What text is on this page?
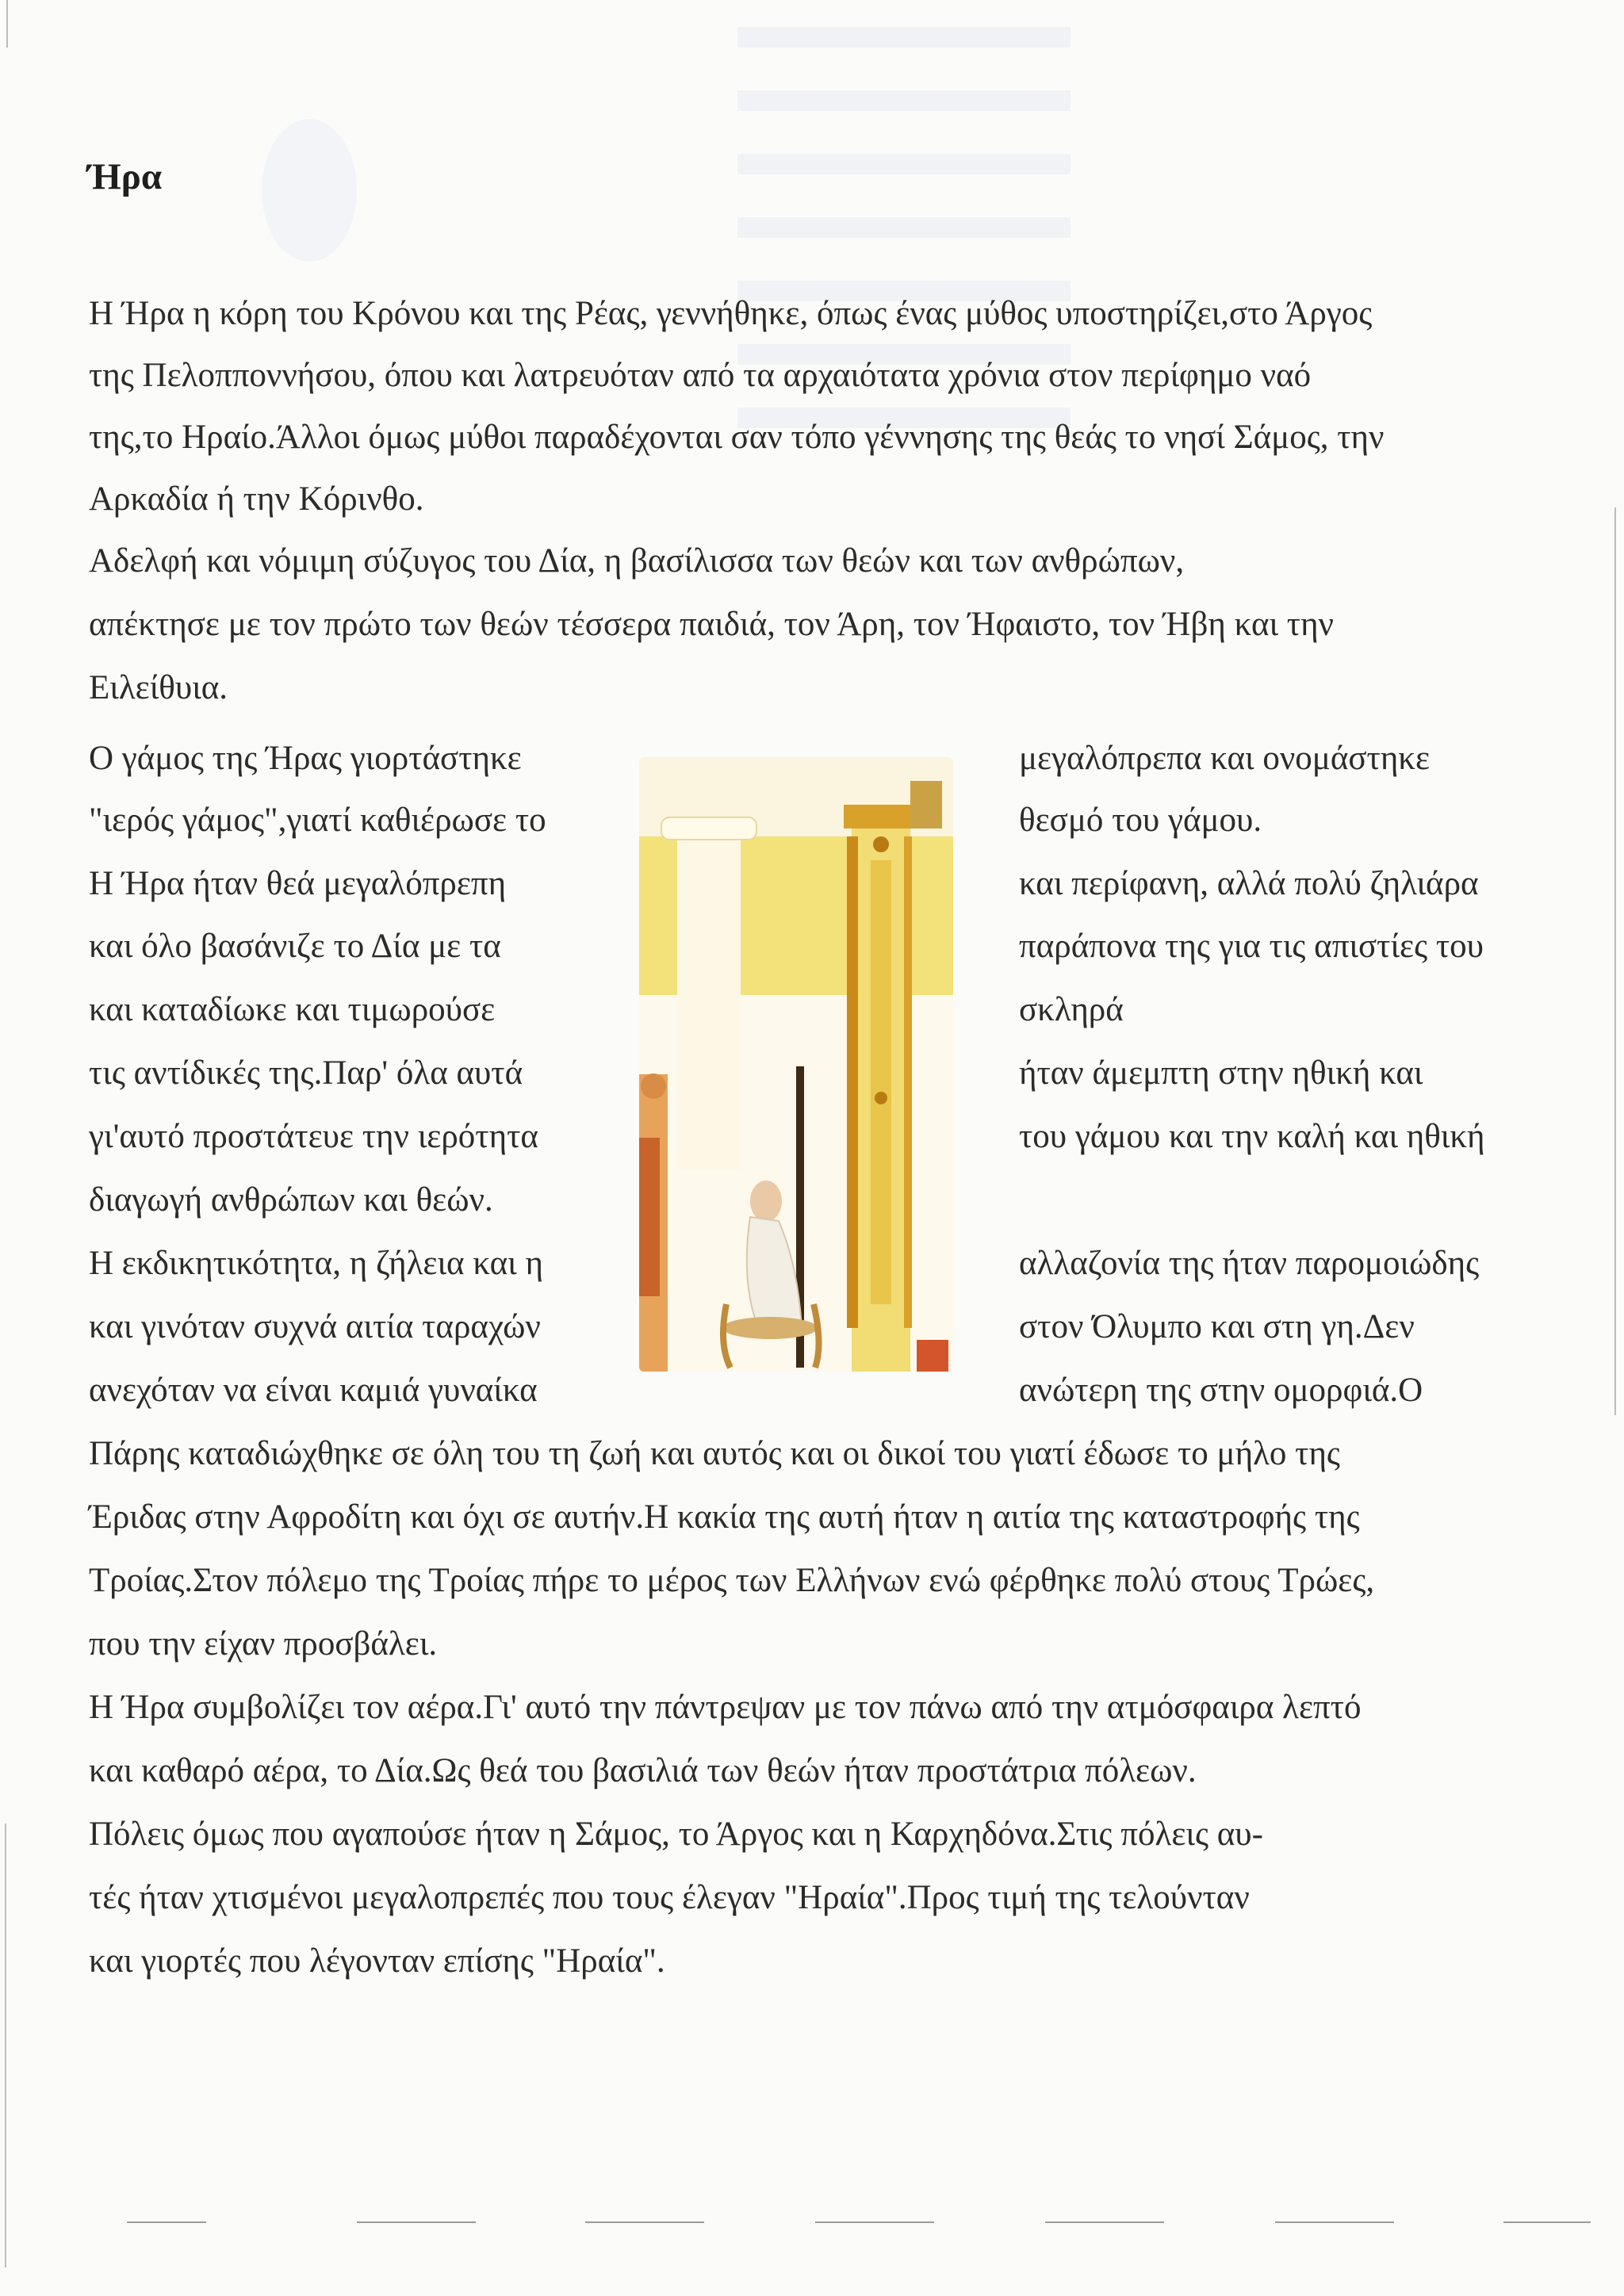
Ήρα
Η Ήρα η κόρη του Κρόνου και της Ρέας, γεννήθηκε, όπως ένας μύθος υποστηρίζει,στο Άργος
της Πελοπποννήσου, όπου και λατρευόταν από τα αρχαιότατα χρόνια στον περίφημο ναό
της,το Ηραίο.Άλλοι όμως μύθοι παραδέχονται σαν τόπο γέννησης της θεάς το νησί Σάμος, την
Αρκαδία ή την Κόρινθο.
Αδελφή και νόμιμη σύζυγος του Δία, η βασίλισσα των θεών και των ανθρώπων,
απέκτησε με τον πρώτο των θεών τέσσερα παιδιά, τον Άρη, τον Ήφαιστο, τον Ήβη και την
Ειλείθυια.
Ο γάμος της Ήρας γιορτάστηκε
"ιερός γάμος",γιατί καθιέρωσε το
Η Ήρα ήταν θεά μεγαλόπρεπη
και όλο βασάνιζε το Δία με τα
και καταδίωκε και τιμωρούσε
τις αντίδικές της.Παρ' όλα αυτά
γι'αυτό προστάτευε την ιερότητα
διαγωγή ανθρώπων και θεών.
Η εκδικητικότητα, η ζήλεια και η
και γινόταν συχνά αιτία ταραχών
ανεχόταν να είναι καμιά γυναίκα
μεγαλόπρεπα και ονομάστηκε
θεσμό του γάμου.
και περίφανη, αλλά πολύ ζηλιάρα
παράπονα της για τις απιστίες του
σκληρά
ήταν άμεμπτη στην ηθική και
του γάμου και την καλή και ηθική
αλλαζονία της ήταν παρομοιώδης
στον Όλυμπο και στη γη.Δεν
ανώτερη της στην ομορφιά.Ο
Πάρης καταδιώχθηκε σε όλη του τη ζωή και αυτός και οι δικοί του γιατί έδωσε το μήλο της
Έριδας στην Αφροδίτη και όχι σε αυτήν.Η κακία της αυτή ήταν η αιτία της καταστροφής της
Τροίας.Στον πόλεμο της Τροίας πήρε το μέρος των Ελλήνων ενώ φέρθηκε πολύ στους Τρώες,
που την είχαν προσβάλει.
Η Ήρα συμβολίζει τον αέρα.Γι' αυτό την πάντρεψαν με τον πάνω από την ατμόσφαιρα λεπτό
και καθαρό αέρα, το Δία.Ως θεά του βασιλιά των θεών ήταν προστάτρια πόλεων.
Πόλεις όμως που αγαπούσε ήταν η Σάμος, το Άργος και η Καρχηδόνα.Στις πόλεις αυ-
τές ήταν χτισμένοι μεγαλοπρεπές που τους έλεγαν "Ηραία".Προς τιμή της τελούνταν
και γιορτές που λέγονταν επίσης "Ηραία".
